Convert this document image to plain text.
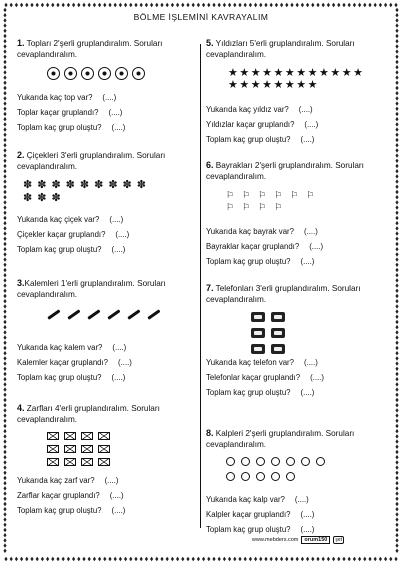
BÖLME İŞLEMİNİ KAVRAYALIM

1. Topları 2'şerli gruplandıralım. Soruları cevaplandıralım.

Yukarıda kaç top var? (....)
Toplar kaçar gruplandı? (....)
Toplam kaç grup oluştu? (....)

2. Çiçekleri 3'erli gruplandıralım. Soruları cevaplandıralım.

✽ ✽ ✽ ✽ ✽ ✽ ✽ ✽ ✽
✽ ✽ ✽
Yukarıda kaç çiçek var? (....)
Çiçekler kaçar gruplandı? (....)
Toplam kaç grup oluştu? (....)

3.Kalemleri 1'erli gruplandıralım. Soruları cevaplandıralım.

Yukarıda kaç kalem var? (....)
Kalemler kaçar gruplandı? (....)
Toplam kaç grup oluştu? (....)

4. Zarfları 4'erli gruplandıralım. Soruları cevaplandıralım.

Yukarıda kaç zarf var? (....)
Zarflar kaçar gruplandı? (....)
Toplam kaç grup oluştu? (....)

5. Yıldızları 5'erli gruplandıralım. Soruları cevaplandıralım.

★ ★ ★ ★ ★ ★ ★ ★ ★ ★ ★ ★
★ ★ ★ ★ ★ ★ ★ ★
Yukarıda kaç yıldız var? (....)
Yıldızlar kaçar gruplandı? (....)
Toplam kaç grup oluştu? (....)

6. Bayrakları 2'şerli gruplandıralım. Soruları cevaplandıralım.

⚐ ⚐ ⚐ ⚐ ⚐ ⚐
⚐ ⚐ ⚐ ⚐
Yukarıda kaç bayrak var? (....)
Bayraklar kaçar gruplandı? (....)
Toplam kaç grup oluştu? (....)

7. Telefonları 3'erli gruplandıralım. Soruları cevaplandıralım.

Yukarıda kaç telefon var? (....)
Telefonlar kaçar gruplandı? (....)
Toplam kaç grup oluştu? (....)

8. Kalpleri 2'şerli gruplandıralım. Soruları cevaplandıralım.

Yukarıda kaç kalp var? (....)
Kalpler kaçar gruplandı? (....)
Toplam kaç grup oluştu? (....)
www.mebders.com	orum150	şet
